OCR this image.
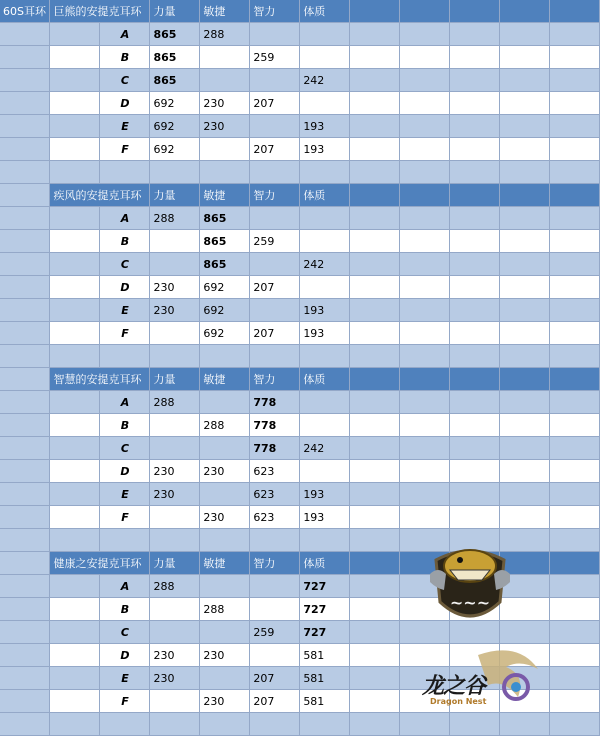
60S耳环	巨熊的安提克耳环		力量	敏捷	智力	体质					
		A	865	288							
		B	865		259						
		C	865			242					
		D	692	230	207						
		E	692	230		193					
		F	692		207	193					

	疾风的安提克耳环		力量	敏捷	智力	体质					
		A	288	865							
		B		865	259						
		C		865		242					
		D	230	692	207						
		E	230	692		193					
		F		692	207	193					

	智慧的安提克耳环		力量	敏捷	智力	体质					
		A	288		778						
		B		288	778						
		C			778	242					
		D	230	230	623						
		E	230		623	193					
		F		230	623	193					

	健康之安提克耳环		力量	敏捷	智力	体质					
		A	288			727					
		B		288		727					
		C			259	727					
		D	230	230		581					
		E	230		207	581					
		F		230	207	581					

~~~
龙之谷
Dragon Nest
